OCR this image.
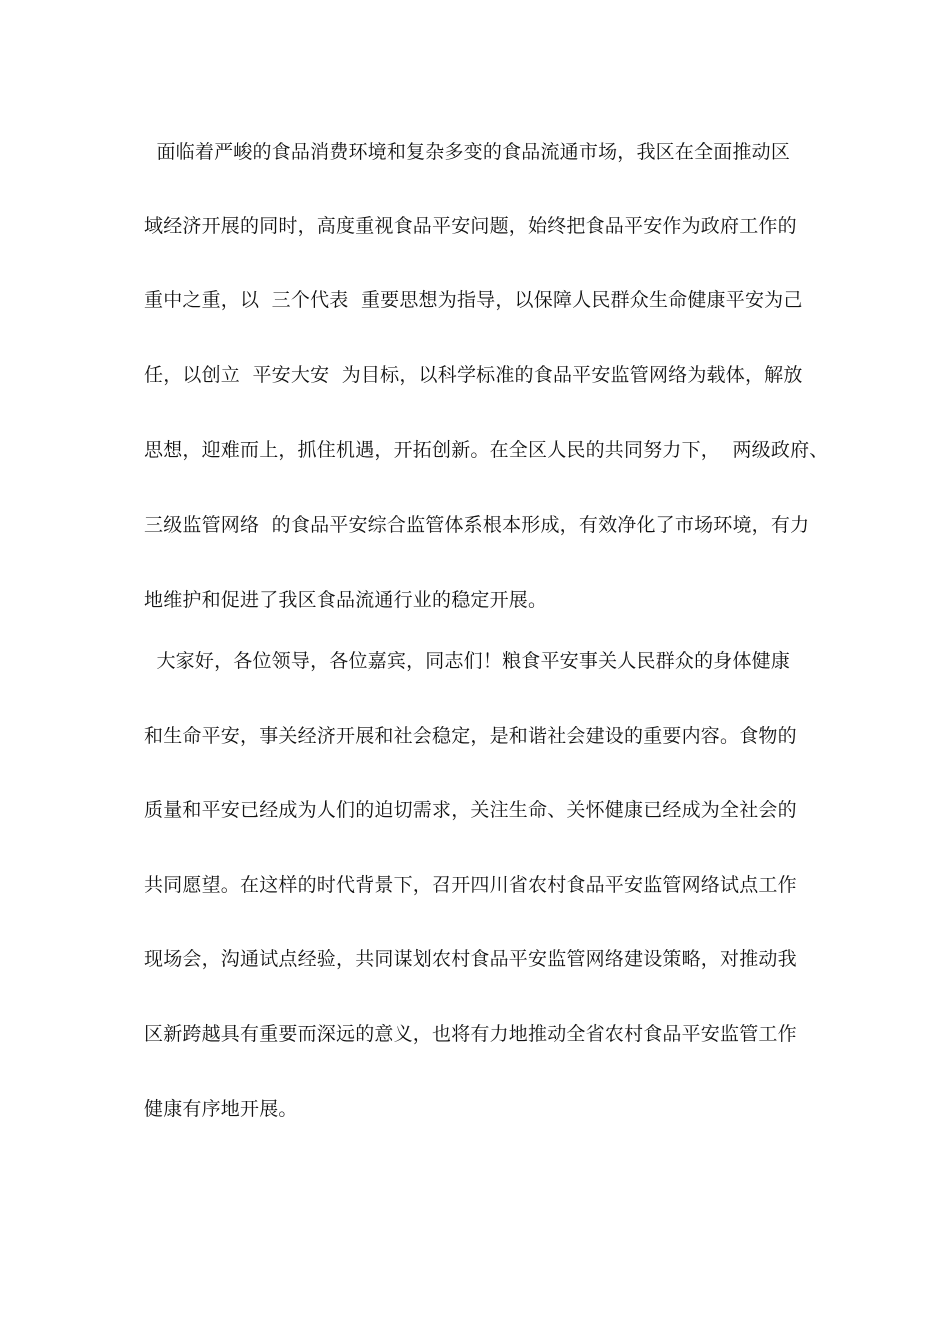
面临着严峻的食品消费环境和复杂多变的食品流通市场，我区在全面推动区
域经济开展的同时，高度重视食品平安问题，始终把食品平安作为政府工作的
重中之重，以  三个代表  重要思想为指导，以保障人民群众生命健康平安为己
任，以创立  平安大安  为目标，以科学标准的食品平安监管网络为载体，解放
思想，迎难而上，抓住机遇，开拓创新。在全区人民的共同努力下，  两级政府、
三级监管网络  的食品平安综合监管体系根本形成，有效净化了市场环境，有力
地维护和促进了我区食品流通行业的稳定开展。
大家好，各位领导，各位嘉宾，同志们！粮食平安事关人民群众的身体健康
和生命平安，事关经济开展和社会稳定，是和谐社会建设的重要内容。食物的
质量和平安已经成为人们的迫切需求，关注生命、关怀健康已经成为全社会的
共同愿望。在这样的时代背景下，召开四川省农村食品平安监管网络试点工作
现场会，沟通试点经验，共同谋划农村食品平安监管网络建设策略，对推动我
区新跨越具有重要而深远的意义，也将有力地推动全省农村食品平安监管工作
健康有序地开展。
